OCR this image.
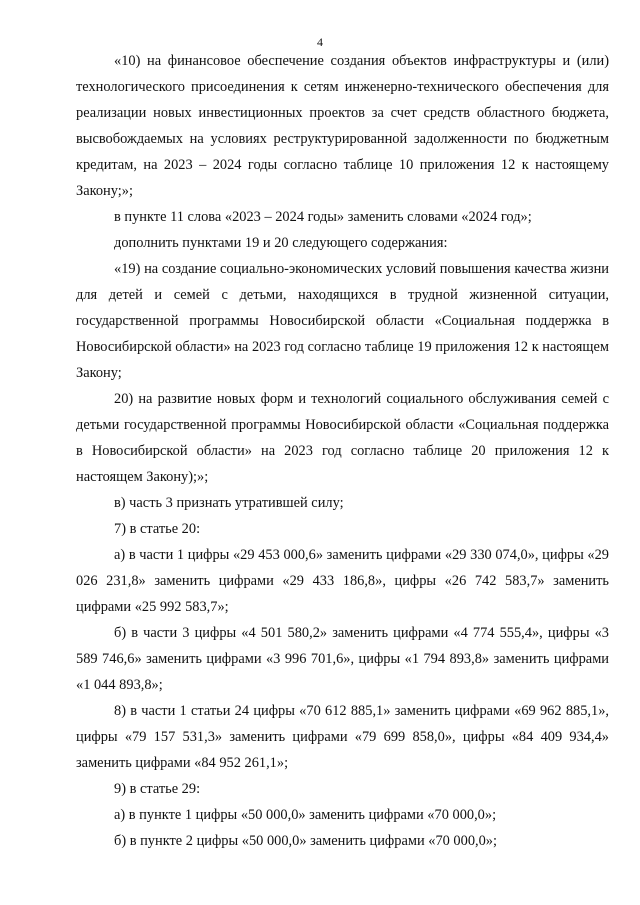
4

«10) на финансовое обеспечение создания объектов инфраструктуры и (или) технологического присоединения к сетям инженерно-технического обеспечения для реализации новых инвестиционных проектов за счет средств областного бюджета, высвобождаемых на условиях реструктурированной задолженности по бюджетным кредитам, на 2023 – 2024 годы согласно таблице 10 приложения 12 к настоящему Закону;»;

в пункте 11 слова «2023 – 2024 годы» заменить словами «2024 год»;

дополнить пунктами 19 и 20 следующего содержания:

«19) на создание социально-экономических условий повышения качества жизни для детей и семей с детьми, находящихся в трудной жизненной ситуации, государственной программы Новосибирской области «Социальная поддержка в Новосибирской области» на 2023 год согласно таблице 19 приложения 12 к настоящем Закону;

20) на развитие новых форм и технологий социального обслуживания семей с детьми государственной программы Новосибирской области «Социальная поддержка в Новосибирской области» на 2023 год согласно таблице 20 приложения 12 к настоящем Закону);»;

в) часть 3 признать утратившей силу;

7) в статье 20:

а) в части 1 цифры «29 453 000,6» заменить цифрами «29 330 074,0», цифры «29 026 231,8» заменить цифрами «29 433 186,8», цифры «26 742 583,7» заменить цифрами «25 992 583,7»;

б) в части 3 цифры «4 501 580,2» заменить цифрами «4 774 555,4», цифры «3 589 746,6» заменить цифрами «3 996 701,6», цифры «1 794 893,8» заменить цифрами «1 044 893,8»;

8) в части 1 статьи 24 цифры «70 612 885,1» заменить цифрами «69 962 885,1», цифры «79 157 531,3» заменить цифрами «79 699 858,0», цифры «84 409 934,4» заменить цифрами «84 952 261,1»;

9) в статье 29:

а) в пункте 1 цифры «50 000,0» заменить цифрами «70 000,0»;

б) в пункте 2 цифры «50 000,0» заменить цифрами «70 000,0»;
